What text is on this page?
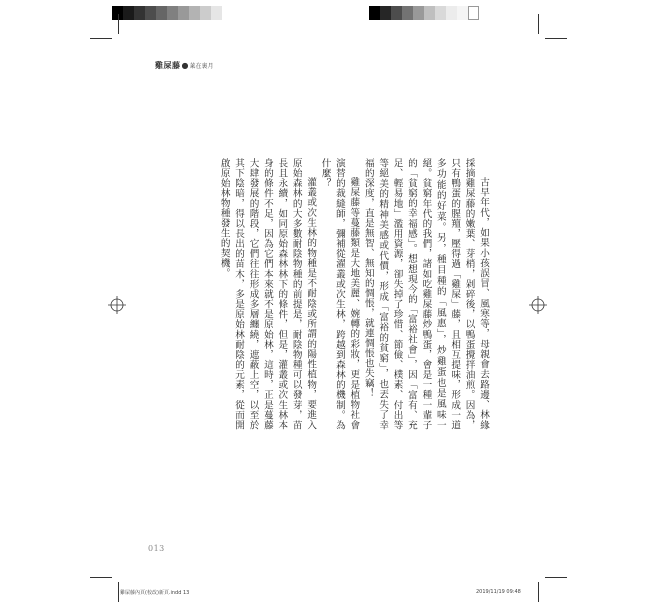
雞屎藤●萊在裏月

古早年代，如果小孩誤冒、風寒等，母親會去路邊、林緣採摘雞屎藤的嫩葉、芽梢，剁碎後，以鴨蛋攪拌油煎。因為，只有鴨蛋的腥羶，壓得過「雞屎」藤，且相互提味，形成一道多功能的好菜。另，種目種的「風惠」，炒雞蛋也是風味一絕。貧窮年代的我們，諸如吃雞屎藤炒鴨蛋，會是一種一輩子的「貧窮的幸福感」。想想現今的「富裕社會」，因「富有、充足、輕易地」濫用資源，卻失掉了珍惜、節儉、樸素、付出等等絕美的精神美感或代價，形成「富裕的貧窮」，也丟失了幸福的深度，直是無智、無知的惆悵，就連惆悵也失竊！

雞屎藤等蔓藤類是大地美麗、婉轉的彩妝，更是植物社會演替的裁縫師，彌補從濯叢或次生林，跨越到森林的機制。為什麼？

灌叢或次生林的物種是不耐陰或所謂的陽性植物，要進入原始森林的大多數耐陰物種的前提是，耐陰物種可以發芽，苗長且永續，如同原始森林林下的條件，但是，灌叢或次生林本身的條件不足，因為它們本來就不是原始林，這時，正是蔓藤大肆發展的階段，它們往往形成多層纏繞，遮蔽上空，以至於其下陰暗，得以長出的苗木，多是原始林耐陰的元素，從而開啟原始林物種發生的契機。

013
雞屎藤內頁(校改)新頁.indd 13	2019/11/19 09:48
